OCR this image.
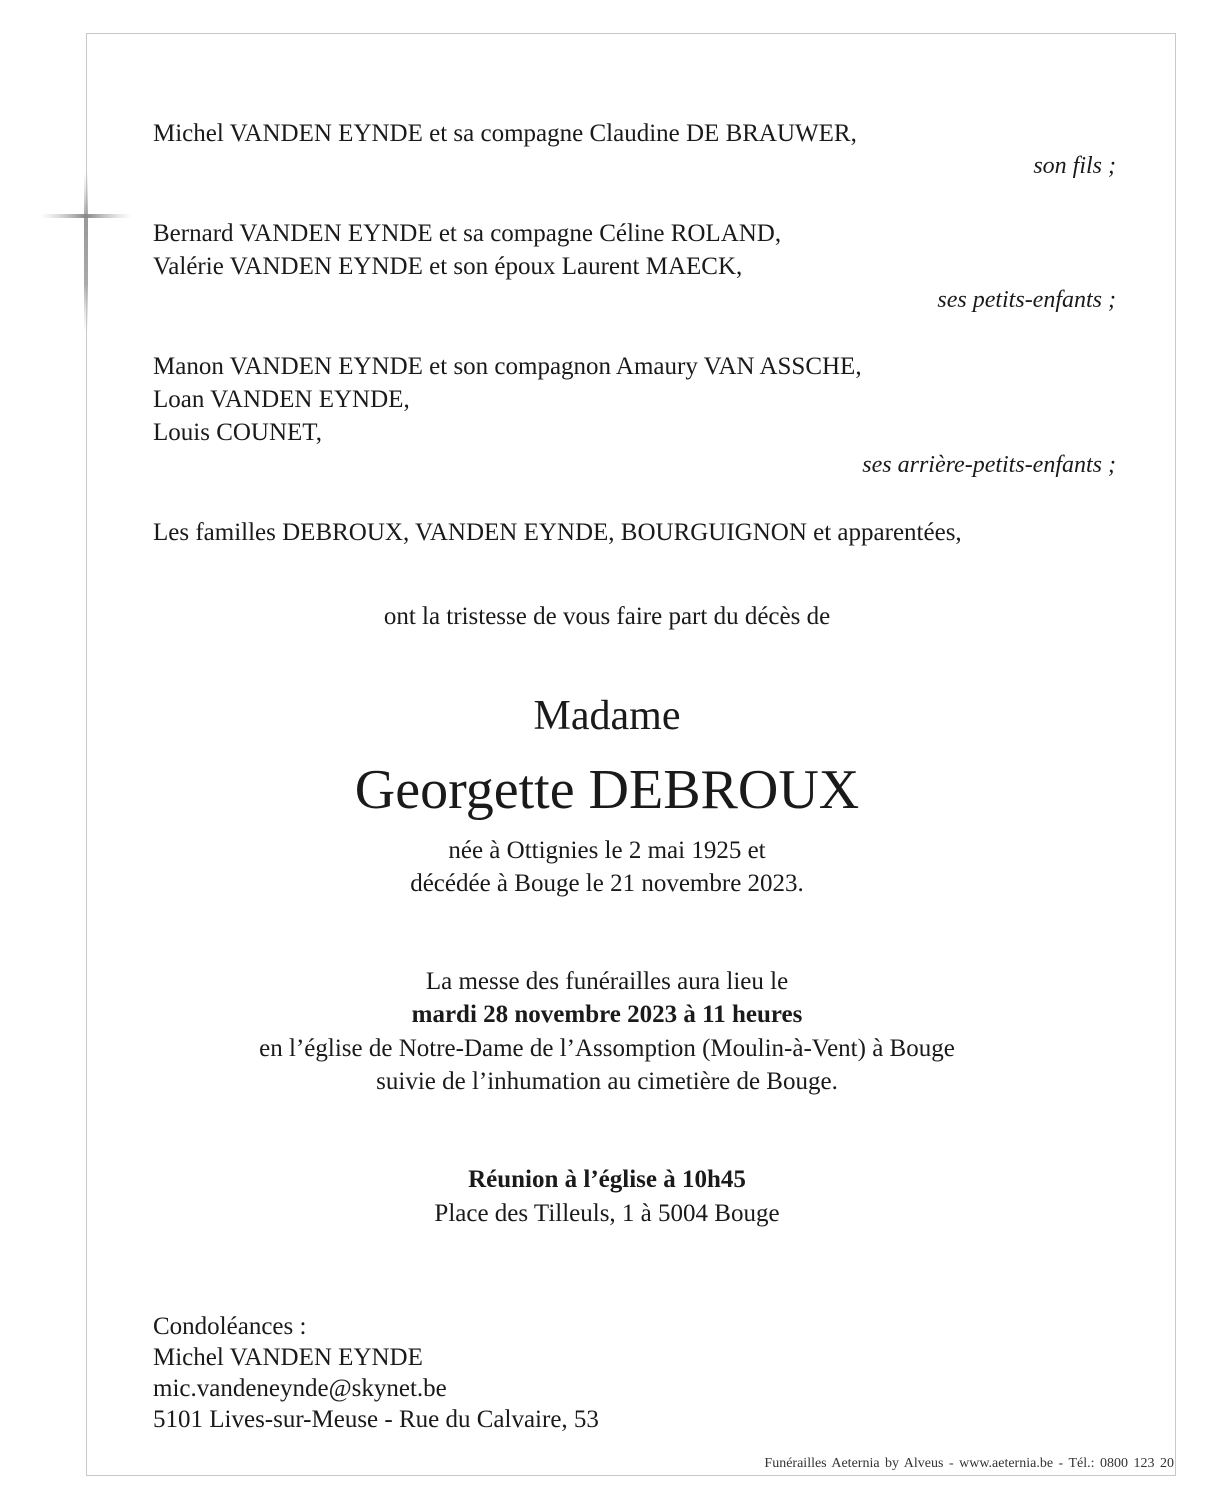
Michel VANDEN EYNDE et sa compagne Claudine DE BRAUWER,
son fils ;
Bernard VANDEN EYNDE et sa compagne Céline ROLAND,
Valérie VANDEN EYNDE et son époux Laurent MAECK,
ses petits-enfants ;
Manon VANDEN EYNDE et son compagnon Amaury VAN ASSCHE,
Loan VANDEN EYNDE,
Louis COUNET,
ses arrière-petits-enfants ;
Les familles DEBROUX, VANDEN EYNDE, BOURGUIGNON et apparentées,
ont la tristesse de vous faire part du décès de
Madame
Georgette DEBROUX
née à Ottignies le 2 mai 1925 et
décédée à Bouge le 21 novembre 2023.
La messe des funérailles aura lieu le
mardi 28 novembre 2023 à 11 heures
en l’église de Notre-Dame de l’Assomption (Moulin-à-Vent) à Bouge
suivie de l’inhumation au cimetière de Bouge.
Réunion à l’église à 10h45
Place des Tilleuls, 1 à 5004 Bouge
Condoléances :
Michel VANDEN EYNDE
mic.vandeneynde@skynet.be
5101 Lives-sur-Meuse - Rue du Calvaire, 53
Funérailles Aeternia by Alveus - www.aeternia.be - Tél.: 0800 123 20
